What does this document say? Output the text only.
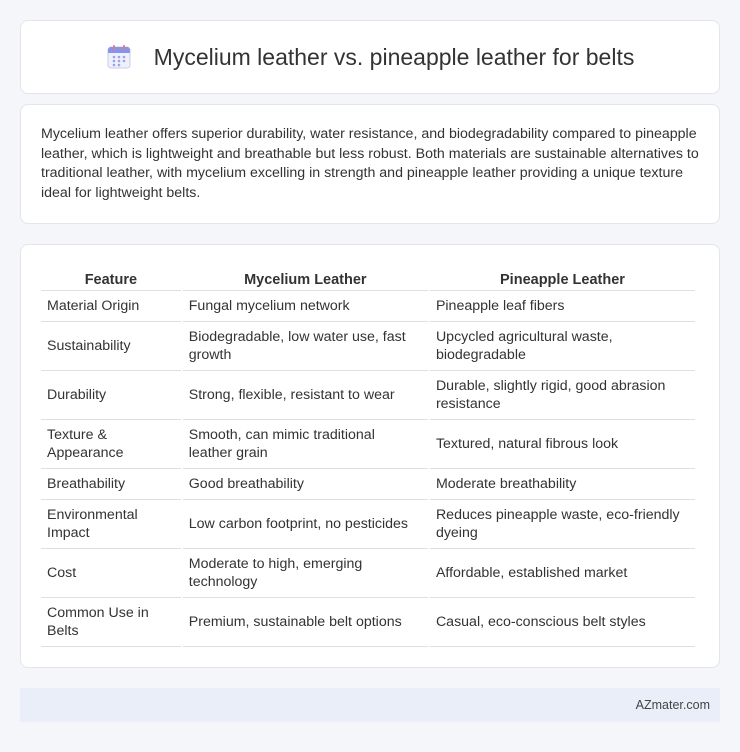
Mycelium leather vs. pineapple leather for belts

Mycelium leather offers superior durability, water resistance, and biodegradability compared to pineapple leather, which is lightweight and breathable but less robust. Both materials are sustainable alternatives to traditional leather, with mycelium excelling in strength and pineapple leather providing a unique texture ideal for lightweight belts.

Feature	Mycelium Leather	Pineapple Leather
Material Origin	Fungal mycelium network	Pineapple leaf fibers
Sustainability	Biodegradable, low water use, fast growth	Upcycled agricultural waste, biodegradable
Durability	Strong, flexible, resistant to wear	Durable, slightly rigid, good abrasion resistance
Texture & Appearance	Smooth, can mimic traditional leather grain	Textured, natural fibrous look
Breathability	Good breathability	Moderate breathability
Environmental Impact	Low carbon footprint, no pesticides	Reduces pineapple waste, eco-friendly dyeing
Cost	Moderate to high, emerging technology	Affordable, established market
Common Use in Belts	Premium, sustainable belt options	Casual, eco-conscious belt styles
AZmater.com
